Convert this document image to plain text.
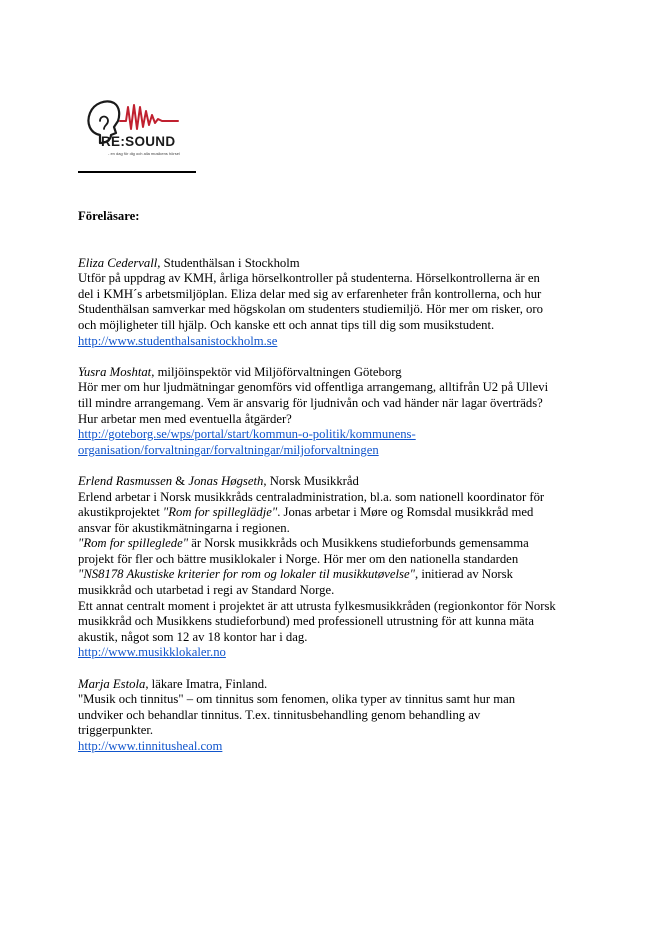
RE:SOUND
- en dag för dig och alla musikens hörsel
Föreläsare:
Eliza Cedervall, Studenthälsan i Stockholm
Utför på uppdrag av KMH, årliga hörselkontroller på studenterna. Hörselkontrollerna är en
del i KMH´s arbetsmiljöplan. Eliza delar med sig av erfarenheter från kontrollerna, och hur
Studenthälsan samverkar med högskolan om studenters studiemiljö. Hör mer om risker, oro
och möjligheter till hjälp. Och kanske ett och annat tips till dig som musikstudent.
http://www.studenthalsanistockholm.se
Yusra Moshtat, miljöinspektör vid Miljöförvaltningen Göteborg
Hör mer om hur ljudmätningar genomförs vid offentliga arrangemang, alltifrån U2 på Ullevi
till mindre arrangemang. Vem är ansvarig för ljudnivån och vad händer när lagar överträds?
Hur arbetar men med eventuella åtgärder?
http://goteborg.se/wps/portal/start/kommun-o-politik/kommunens-
organisation/forvaltningar/forvaltningar/miljoforvaltningen
Erlend Rasmussen & Jonas Høgseth, Norsk Musikkråd
Erlend arbetar i Norsk musikkråds centraladministration, bl.a. som nationell koordinator för
akustikprojektet "Rom for spilleglädje". Jonas arbetar i Møre og Romsdal musikkråd med
ansvar för akustikmätningarna i regionen.
"Rom for spilleglede" är Norsk musikkråds och Musikkens studieforbunds gemensamma
projekt för fler och bättre musiklokaler i Norge. Hör mer om den nationella standarden
"NS8178 Akustiske kriterier for rom og lokaler til musikkutøvelse", initierad av Norsk
musikkråd och utarbetad i regi av Standard Norge.
Ett annat centralt moment i projektet är att utrusta fylkesmusikkråden (regionkontor för Norsk
musikkråd och Musikkens studieforbund) med professionell utrustning för att kunna mäta
akustik, något som 12 av 18 kontor har i dag.
http://www.musikklokaler.no
Marja Estola, läkare Imatra, Finland.
"Musik och tinnitus" – om tinnitus som fenomen, olika typer av tinnitus samt hur man
undviker och behandlar tinnitus. T.ex. tinnitusbehandling genom behandling av
triggerpunkter.
http://www.tinnitusheal.com
